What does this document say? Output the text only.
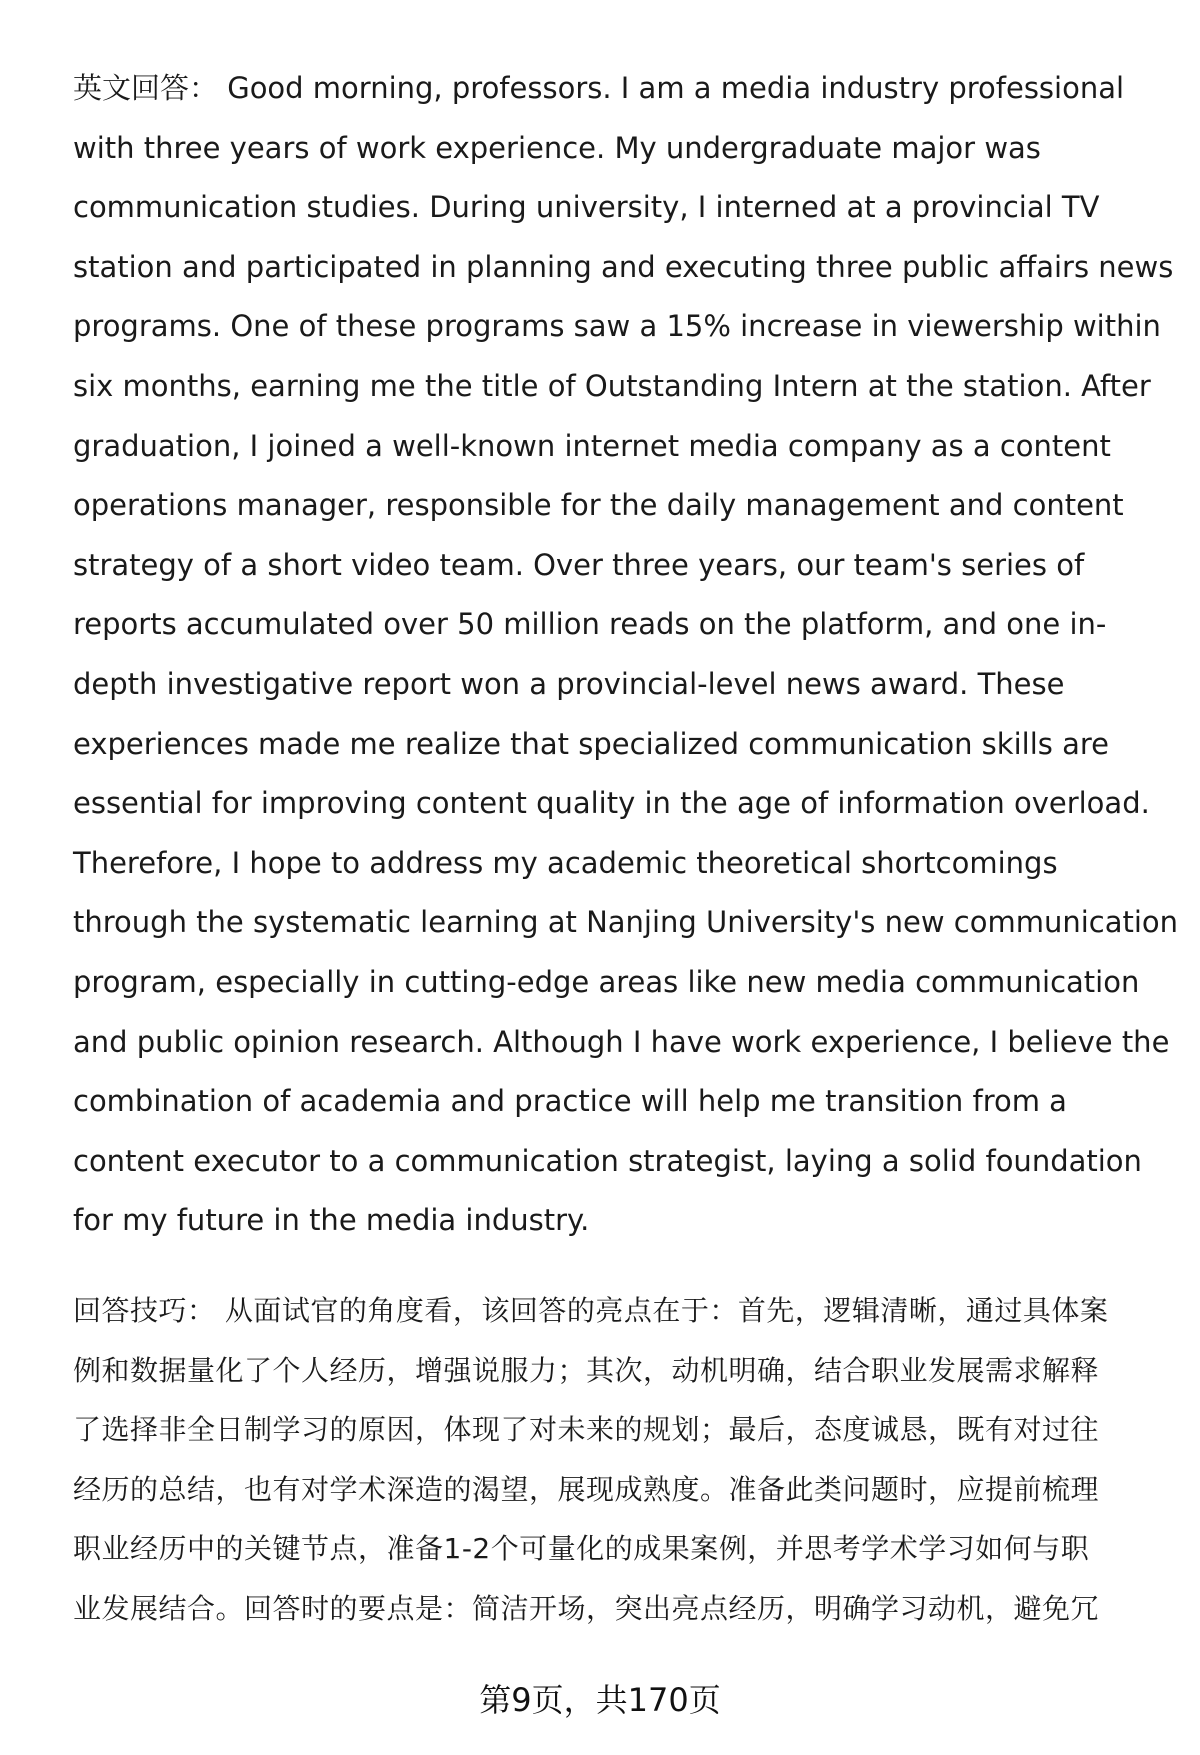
英文回答： Good morning, professors. I am a media industry professional
with three years of work experience. My undergraduate major was
communication studies. During university, I interned at a provincial TV
station and participated in planning and executing three public affairs news
programs. One of these programs saw a 15% increase in viewership within
six months, earning me the title of Outstanding Intern at the station. After
graduation, I joined a well-known internet media company as a content
operations manager, responsible for the daily management and content
strategy of a short video team. Over three years, our team's series of
reports accumulated over 50 million reads on the platform, and one in-
depth investigative report won a provincial-level news award. These
experiences made me realize that specialized communication skills are
essential for improving content quality in the age of information overload.
Therefore, I hope to address my academic theoretical shortcomings
through the systematic learning at Nanjing University's new communication
program, especially in cutting-edge areas like new media communication
and public opinion research. Although I have work experience, I believe the
combination of academia and practice will help me transition from a
content executor to a communication strategist, laying a solid foundation
for my future in the media industry.
回答技巧： 从面试官的角度看，该回答的亮点在于：首先，逻辑清晰，通过具体案
例和数据量化了个人经历，增强说服力；其次，动机明确，结合职业发展需求解释
了选择非全日制学习的原因，体现了对未来的规划；最后，态度诚恳，既有对过往
经历的总结，也有对学术深造的渴望，展现成熟度。准备此类问题时，应提前梳理
职业经历中的关键节点，准备1-2个可量化的成果案例，并思考学术学习如何与职
业发展结合。回答时的要点是：简洁开场，突出亮点经历，明确学习动机，避免冗
第9页，共170页
